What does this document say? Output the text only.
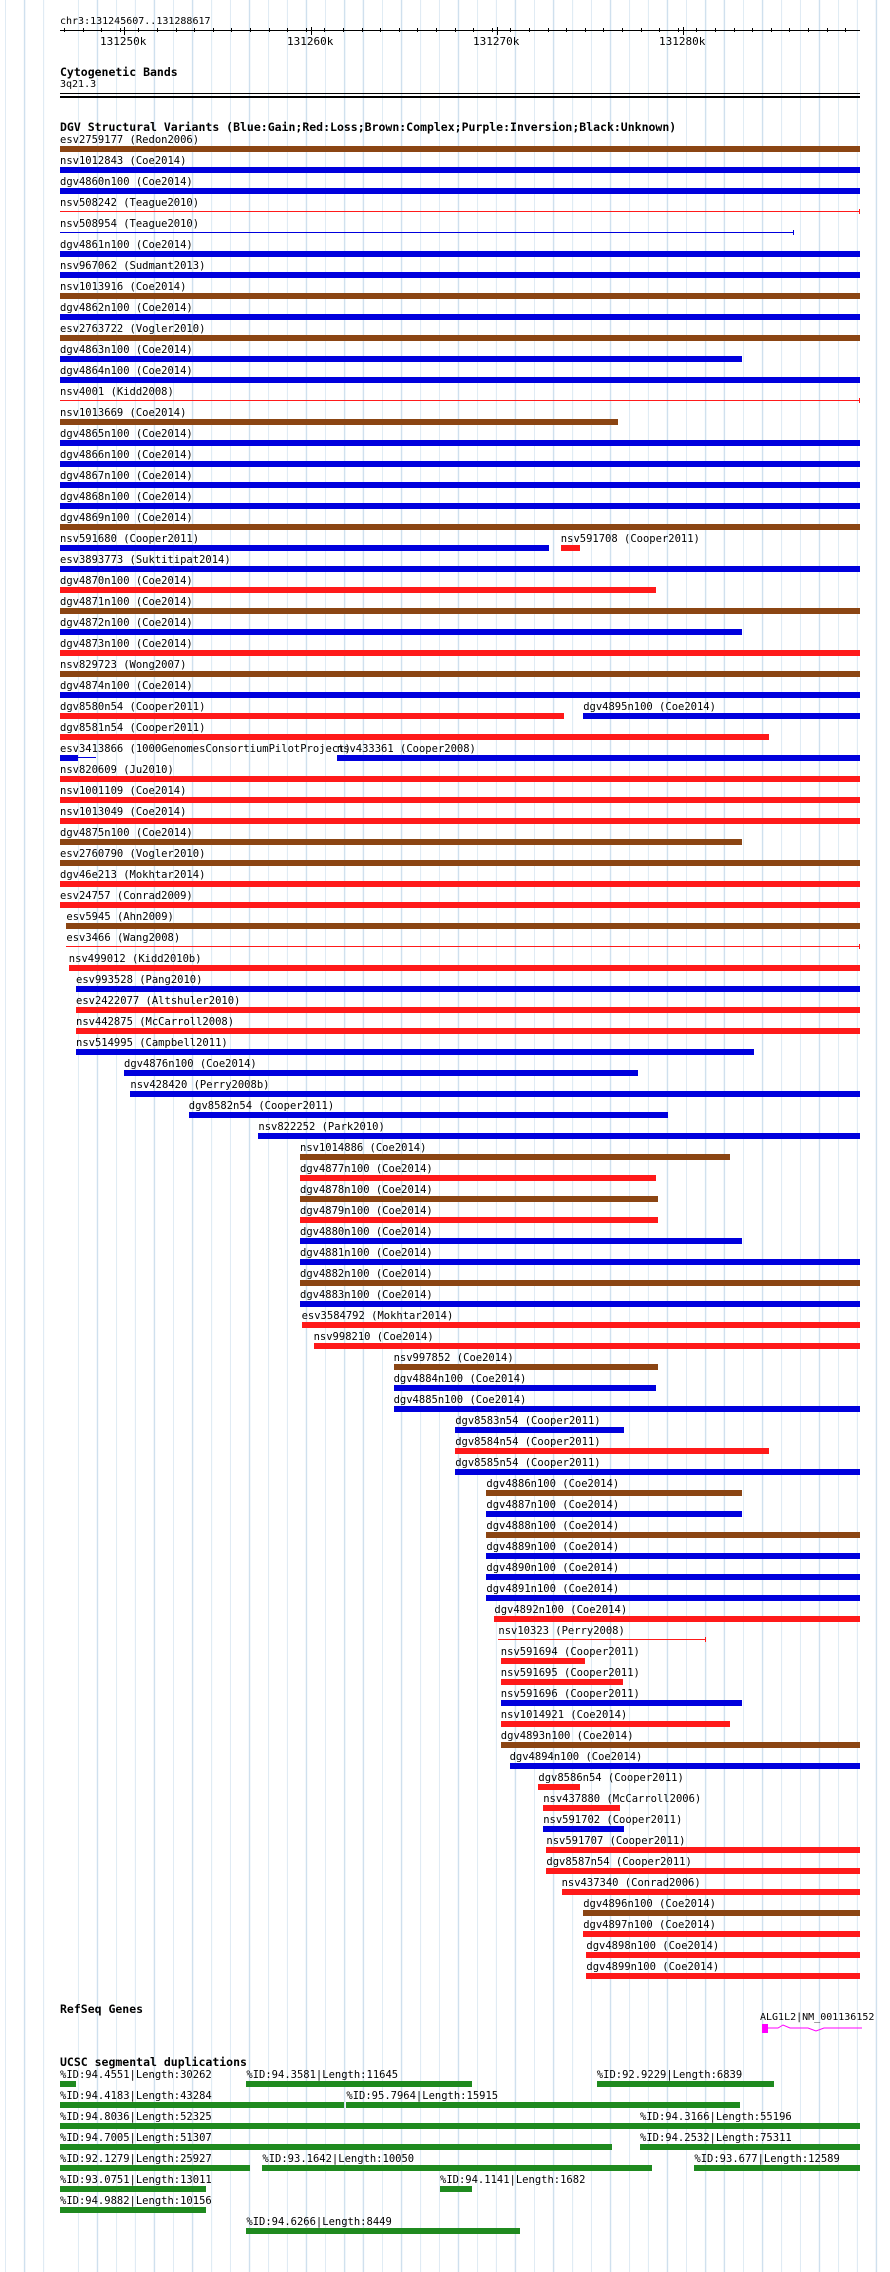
chr3:131245607..131288617
131250k	131260k	131270k	131280k
Cytogenetic Bands
3q21.3
DGV Structural Variants (Blue:Gain;Red:Loss;Brown:Complex;Purple:Inversion;Black:Unknown)
esv2759177 (Redon2006)
nsv1012843 (Coe2014)
dgv4860n100 (Coe2014)
nsv508242 (Teague2010)
nsv508954 (Teague2010)
dgv4861n100 (Coe2014)
nsv967062 (Sudmant2013)
nsv1013916 (Coe2014)
dgv4862n100 (Coe2014)
esv2763722 (Vogler2010)
dgv4863n100 (Coe2014)
dgv4864n100 (Coe2014)
nsv4001 (Kidd2008)
nsv1013669 (Coe2014)
dgv4865n100 (Coe2014)
dgv4866n100 (Coe2014)
dgv4867n100 (Coe2014)
dgv4868n100 (Coe2014)
dgv4869n100 (Coe2014)
nsv591680 (Cooper2011)	nsv591708 (Cooper2011)
esv3893773 (Suktitipat2014)
dgv4870n100 (Coe2014)
dgv4871n100 (Coe2014)
dgv4872n100 (Coe2014)
dgv4873n100 (Coe2014)
nsv829723 (Wong2007)
dgv4874n100 (Coe2014)
dgv8580n54 (Cooper2011)	dgv4895n100 (Coe2014)
dgv8581n54 (Cooper2011)
esv3413866 (1000GenomesConsortiumPilotProject)
nsv433361 (Cooper2008)
nsv820609 (Ju2010)
nsv1001109 (Coe2014)
nsv1013049 (Coe2014)
dgv4875n100 (Coe2014)
esv2760790 (Vogler2010)
dgv46e213 (Mokhtar2014)
esv24757 (Conrad2009)
esv5945 (Ahn2009)
esv3466 (Wang2008)
nsv499012 (Kidd2010b)
esv993528 (Pang2010)
esv2422077 (Altshuler2010)
nsv442875 (McCarroll2008)
nsv514995 (Campbell2011)
dgv4876n100 (Coe2014)
nsv428420 (Perry2008b)
dgv8582n54 (Cooper2011)
nsv822252 (Park2010)
nsv1014886 (Coe2014)
dgv4877n100 (Coe2014)
dgv4878n100 (Coe2014)
dgv4879n100 (Coe2014)
dgv4880n100 (Coe2014)
dgv4881n100 (Coe2014)
dgv4882n100 (Coe2014)
dgv4883n100 (Coe2014)
esv3584792 (Mokhtar2014)
nsv998210 (Coe2014)
nsv997852 (Coe2014)
dgv4884n100 (Coe2014)
dgv4885n100 (Coe2014)
dgv8583n54 (Cooper2011)
dgv8584n54 (Cooper2011)
dgv8585n54 (Cooper2011)
dgv4886n100 (Coe2014)
dgv4887n100 (Coe2014)
dgv4888n100 (Coe2014)
dgv4889n100 (Coe2014)
dgv4890n100 (Coe2014)
dgv4891n100 (Coe2014)
dgv4892n100 (Coe2014)
nsv10323 (Perry2008)
nsv591694 (Cooper2011)
nsv591695 (Cooper2011)
nsv591696 (Cooper2011)
nsv1014921 (Coe2014)
dgv4893n100 (Coe2014)
dgv4894n100 (Coe2014)
dgv8586n54 (Cooper2011)
nsv437880 (McCarroll2006)
nsv591702 (Cooper2011)
nsv591707 (Cooper2011)
dgv8587n54 (Cooper2011)
nsv437340 (Conrad2006)
dgv4896n100 (Coe2014)
dgv4897n100 (Coe2014)
dgv4898n100 (Coe2014)
dgv4899n100 (Coe2014)
RefSeq Genes
ALG1L2|NM_001136152
UCSC segmental duplications
%ID:94.4551|Length:30262	%ID:94.3581|Length:11645	%ID:92.9229|Length:6839
%ID:94.4183|Length:43284	%ID:95.7964|Length:15915
%ID:94.8036|Length:52325	%ID:94.3166|Length:55196
%ID:94.7005|Length:51307	%ID:94.2532|Length:75311
%ID:92.1279|Length:25927	%ID:93.1642|Length:10050	%ID:93.677|Length:12589
%ID:93.0751|Length:13011	%ID:94.1141|Length:1682
%ID:94.9882|Length:10156
%ID:94.6266|Length:8449
